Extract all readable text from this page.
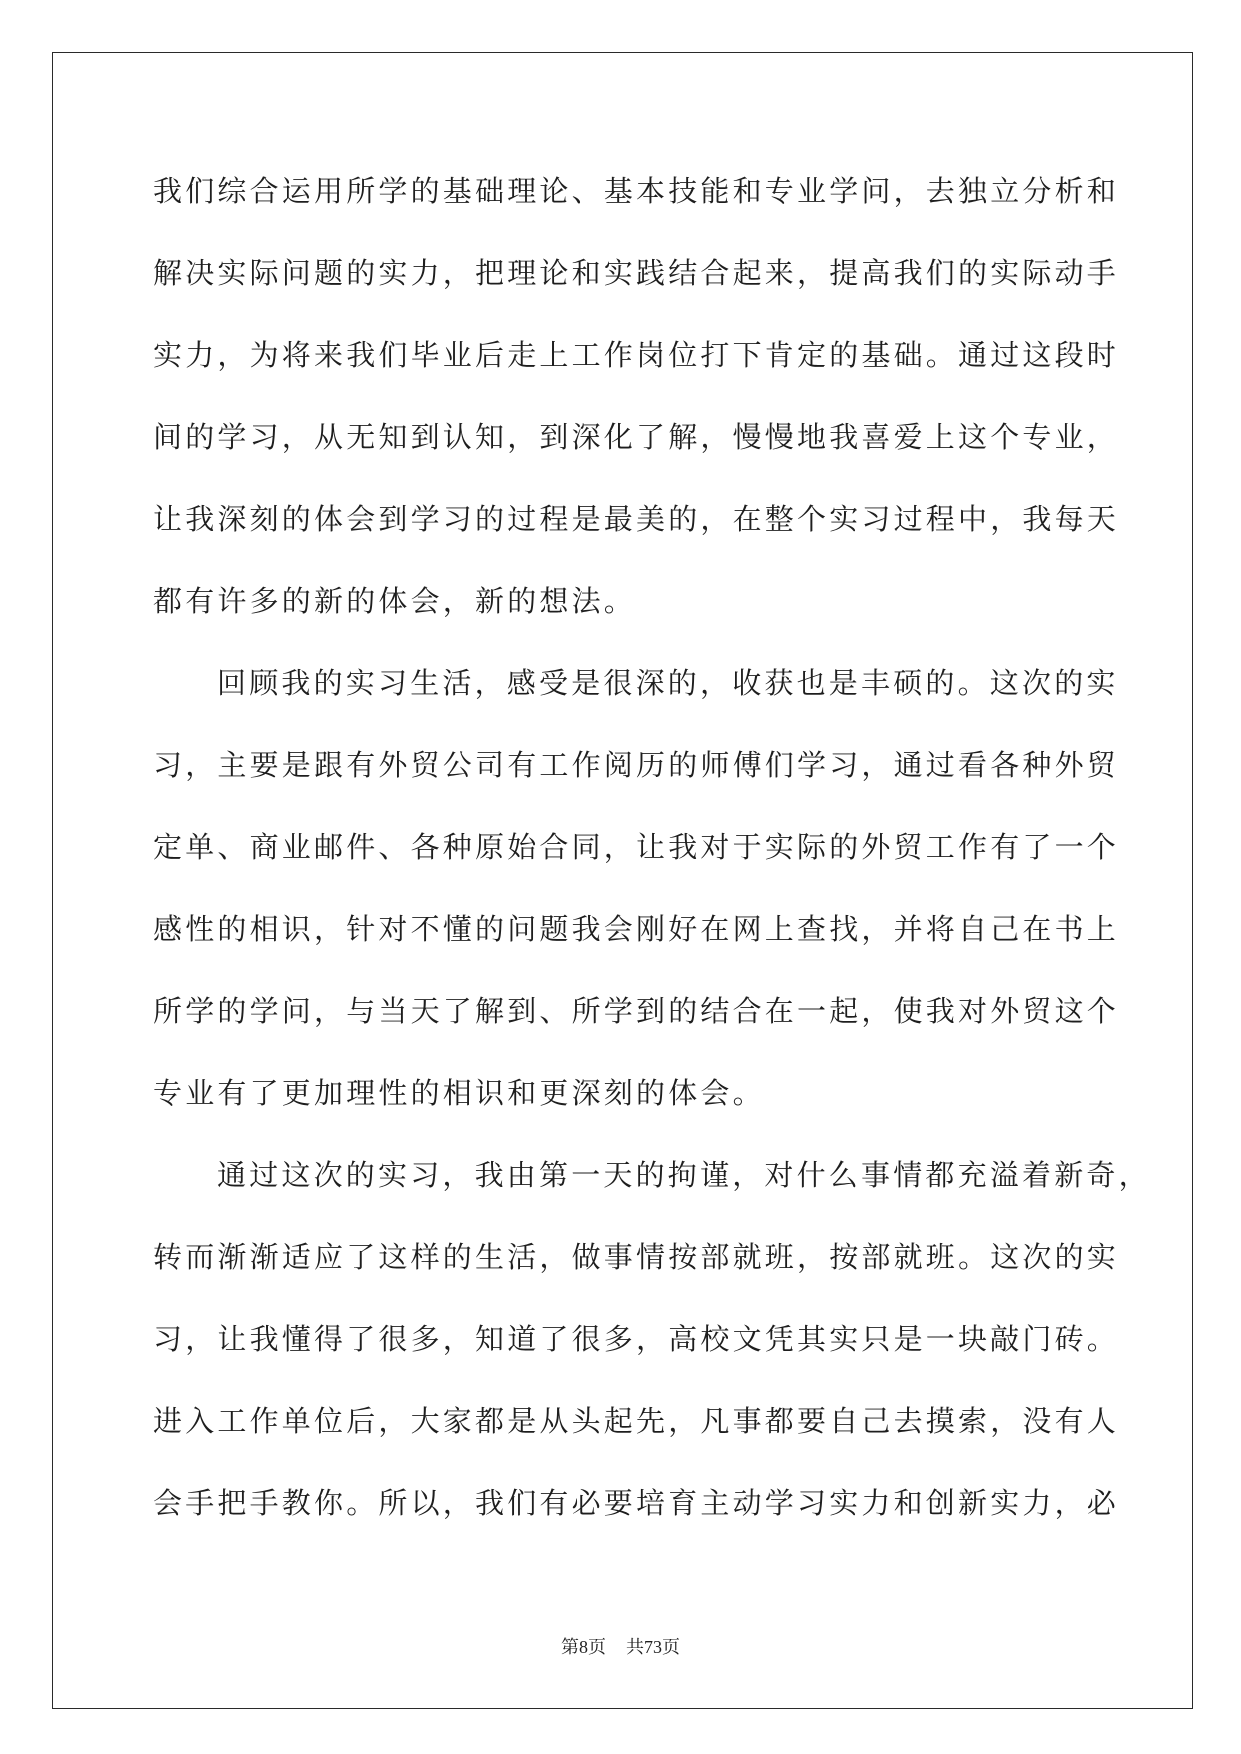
我们综合运用所学的基础理论、基本技能和专业学问，去独立分析和
解决实际问题的实力，把理论和实践结合起来，提高我们的实际动手
实力，为将来我们毕业后走上工作岗位打下肯定的基础。通过这段时
间的学习，从无知到认知，到深化了解，慢慢地我喜爱上这个专业，
让我深刻的体会到学习的过程是最美的，在整个实习过程中，我每天
都有许多的新的体会，新的想法。
回顾我的实习生活，感受是很深的，收获也是丰硕的。这次的实
习，主要是跟有外贸公司有工作阅历的师傅们学习，通过看各种外贸
定单、商业邮件、各种原始合同，让我对于实际的外贸工作有了一个
感性的相识，针对不懂的问题我会刚好在网上查找，并将自己在书上
所学的学问，与当天了解到、所学到的结合在一起，使我对外贸这个
专业有了更加理性的相识和更深刻的体会。
通过这次的实习，我由第一天的拘谨，对什么事情都充溢着新奇，
转而渐渐适应了这样的生活，做事情按部就班，按部就班。这次的实
习，让我懂得了很多，知道了很多，高校文凭其实只是一块敲门砖。
进入工作单位后，大家都是从头起先，凡事都要自己去摸索，没有人
会手把手教你。所以，我们有必要培育主动学习实力和创新实力，必
第8页 共73页
